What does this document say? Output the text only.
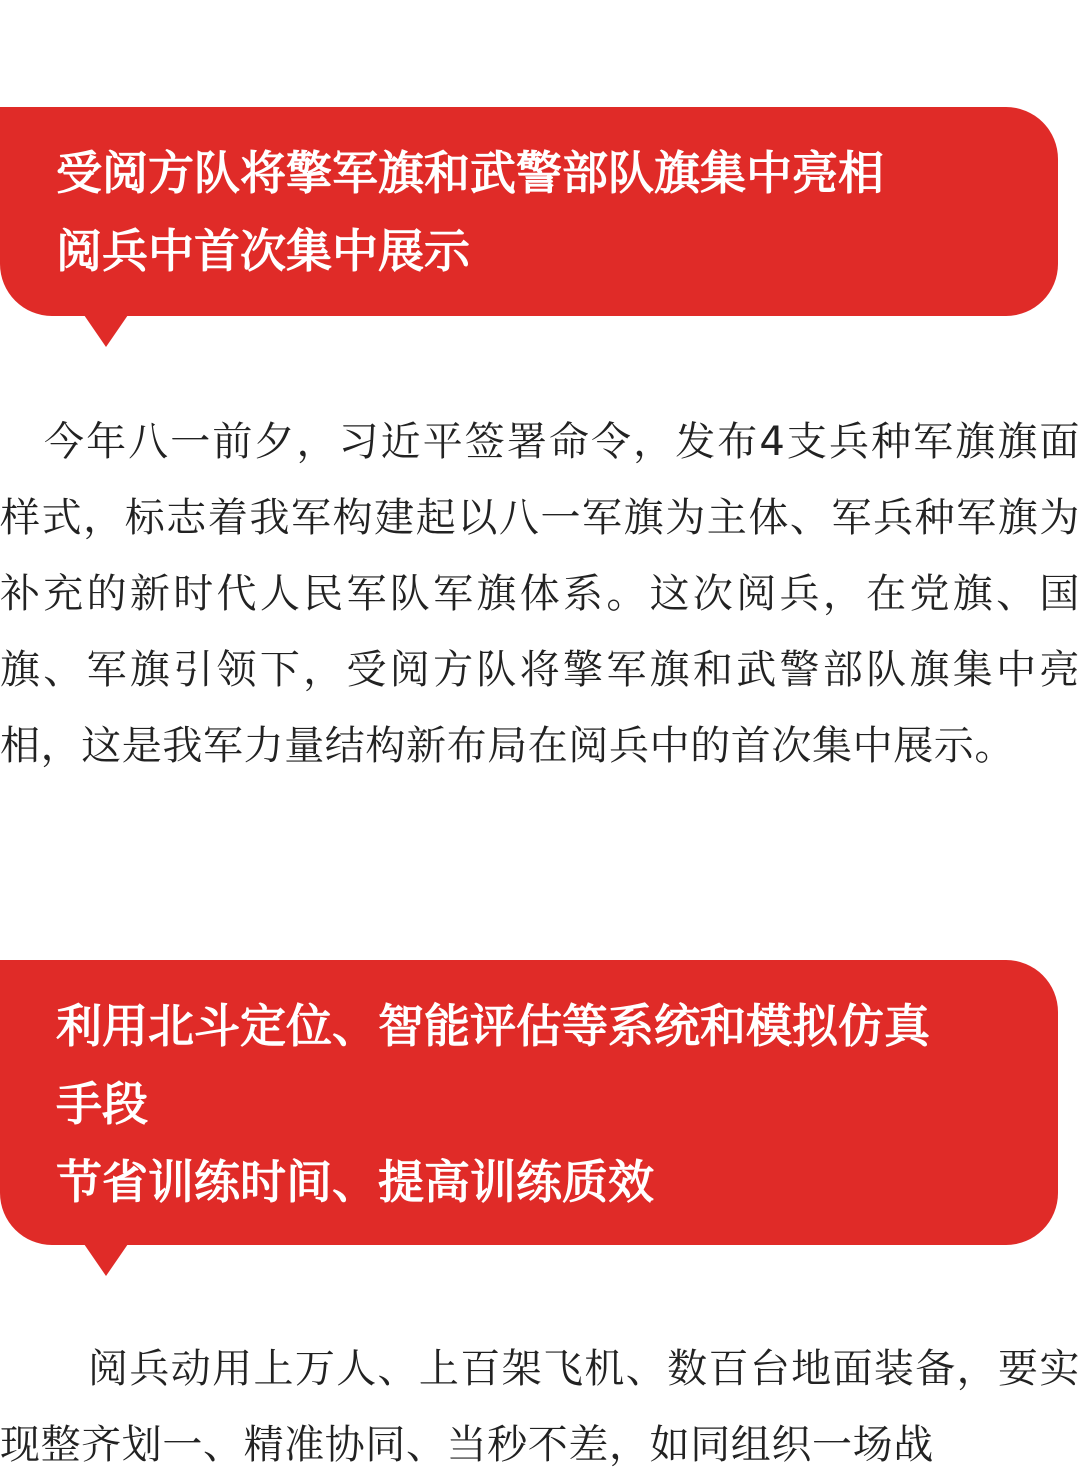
受阅方队将擎军旗和武警部队旗集中亮相
阅兵中首次集中展示

今年八一前夕，习近平签署命令，发布4支兵种军旗旗面样式，标志着我军构建起以八一军旗为主体、军兵种军旗为补充的新时代人民军队军旗体系。这次阅兵，在党旗、国旗、军旗引领下，受阅方队将擎军旗和武警部队旗集中亮相，这是我军力量结构新布局在阅兵中的首次集中展示。

利用北斗定位、智能评估等系统和模拟仿真
手段
节省训练时间、提高训练质效

阅兵动用上万人、上百架飞机、数百台地面装备，要实现整齐划一、精准协同、当秒不差，如同组织一场战
